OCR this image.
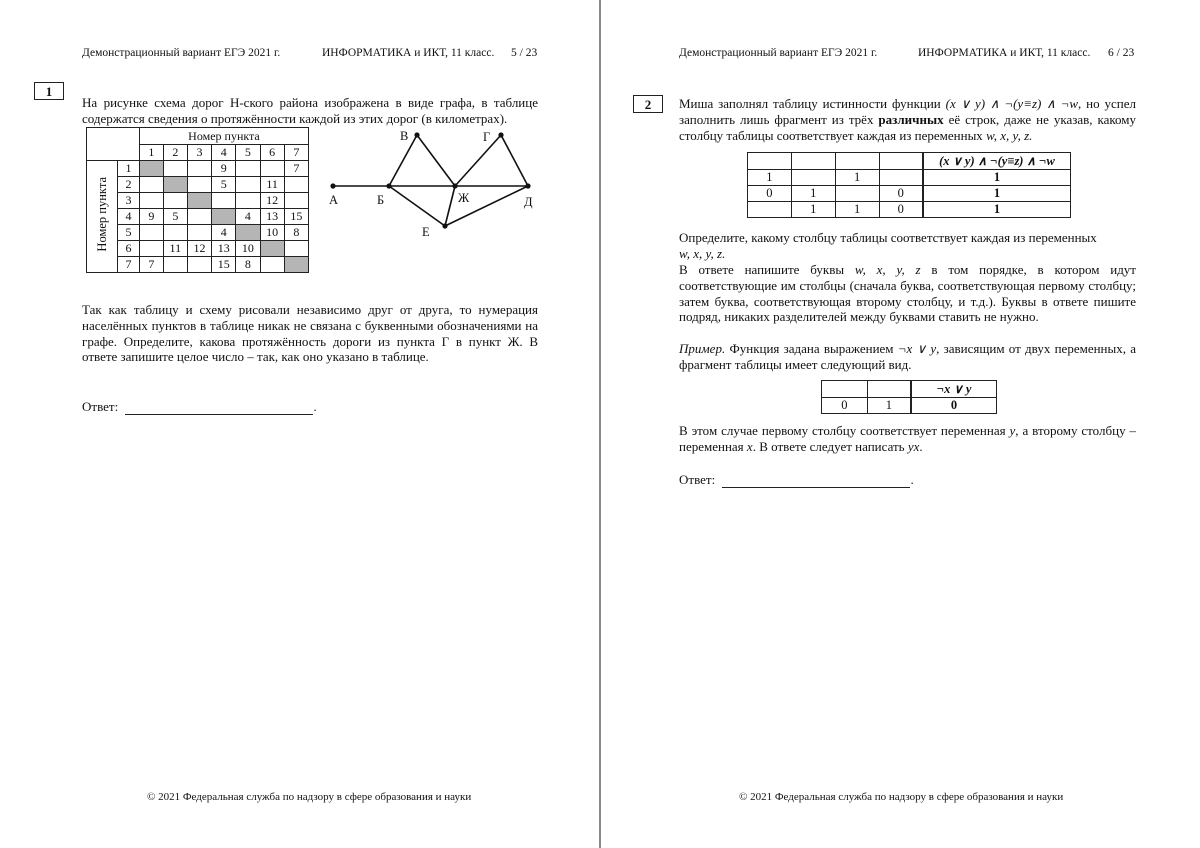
Демонстрационный вариант ЕГЭ 2021 г.	ИНФОРМАТИКА и ИКТ, 11 класс. 5 / 23
1
На рисунке схема дорог Н-ского района изображена в виде графа, в таблице содержатся сведения о протяжённости каждой из этих дорог (в километрах).
		Номер пункта						
		1	2	3	4	5	6	7
Номер пункта	1				9			7
	2				5		11	
	3						12	
	4	9	5			4	13	15
	5				4		10	8
	6		11	12	13	10		
	7	7			15	8		
А	Б
В	Г
Ж	Д
Е
Так как таблицу и схему рисовали независимо друг от друга, то нумерация населённых пунктов в таблице никак не связана с буквенными обозначениями на графе. Определите, какова протяжённость дороги из пункта Г в пункт Ж. В ответе запишите целое число – так, как оно указано в таблице.
Ответ:	.
© 2021 Федеральная служба по надзору в сфере образования и науки
Демонстрационный вариант ЕГЭ 2021 г.	ИНФОРМАТИКА и ИКТ, 11 класс. 6 / 23
2	Миша заполнял таблицу истинности функции (x ∨ y) ∧ ¬(y≡z) ∧ ¬w, но успел заполнить лишь фрагмент из трёх различных её строк, даже не указав, какому столбцу таблицы соответствует каждая из переменных w, x, y, z.
				(x ∨ y) ∧ ¬(y≡z) ∧ ¬w
1		1		1
0	1		0	1
	1	1	0	1
Определите, какому столбцу таблицы соответствует каждая из переменных
w, x, y, z.
В ответе напишите буквы w, x, y, z в том порядке, в котором идут соответствующие им столбцы (сначала буква, соответствующая первому столбцу; затем буква, соответствующая второму столбцу, и т.д.). Буквы в ответе пишите подряд, никаких разделителей между буквами ставить не нужно.
Пример. Функция задана выражением ¬x ∨ y, зависящим от двух переменных, а фрагмент таблицы имеет следующий вид.
		¬x ∨ y
0	1	0
В этом случае первому столбцу соответствует переменная y, а второму столбцу – переменная x. В ответе следует написать yx.
Ответ:	.
© 2021 Федеральная служба по надзору в сфере образования и науки
